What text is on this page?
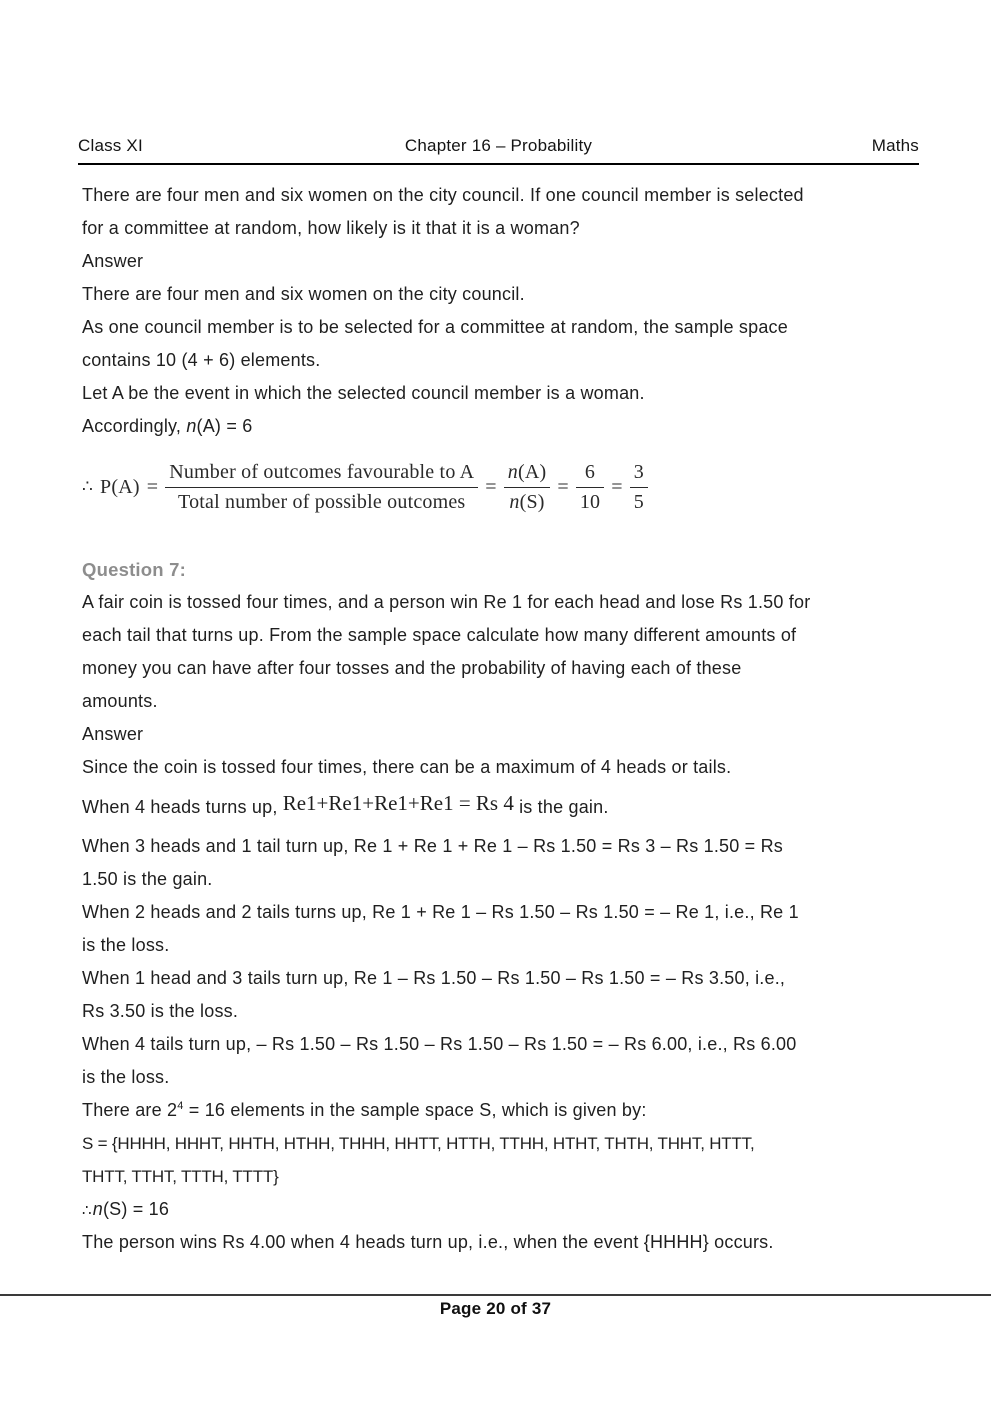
Class XI	Chapter 16 – Probability	Maths
There are four men and six women on the city council. If one council member is selected
for a committee at random, how likely is it that it is a woman?
Answer
There are four men and six women on the city council.
As one council member is to be selected for a committee at random, the sample space
contains 10 (4 + 6) elements.
Let A be the event in which the selected council member is a woman.
Accordingly, n(A) = 6
∴ $P(A) = \frac{\text{Number of outcomes favourable to A}}{\text{Total number of possible outcomes}} = \frac{n(A)}{n(S)} = \frac{6}{10} = \frac{3}{5}$
Question 7:
A fair coin is tossed four times, and a person win Re 1 for each head and lose Rs 1.50 for
each tail that turns up. From the sample space calculate how many different amounts of
money you can have after four tosses and the probability of having each of these
amounts.
Answer
Since the coin is tossed four times, there can be a maximum of 4 heads or tails.
When 4 heads turns up,
Re1+Re1+Re1+Re1 = Rs 4
is the gain.
When 3 heads and 1 tail turn up, Re 1 + Re 1 + Re 1 – Rs 1.50 = Rs 3 – Rs 1.50 = Rs
1.50 is the gain.
When 2 heads and 2 tails turns up, Re 1 + Re 1 – Rs 1.50 – Rs 1.50 = – Re 1, i.e., Re 1
is the loss.
When 1 head and 3 tails turn up, Re 1 – Rs 1.50 – Rs 1.50 – Rs 1.50 = – Rs 3.50, i.e.,
Rs 3.50 is the loss.
When 4 tails turn up, – Rs 1.50 – Rs 1.50 – Rs 1.50 – Rs 1.50 = – Rs 6.00, i.e., Rs 6.00
is the loss.
There are $2^4 = 16$ elements in the sample space S, which is given by:
S = {HHHH, HHHT, HHTH, HTHH, THHH, HHTT, HTTH, TTHH, HTHT, THTH, THHT, HTTT,
THTT, TTHT, TTTH, TTTT}
∴n(S) = 16
The person wins Rs 4.00 when 4 heads turn up, i.e., when the event {HHHH} occurs.
Page 20 of 37
